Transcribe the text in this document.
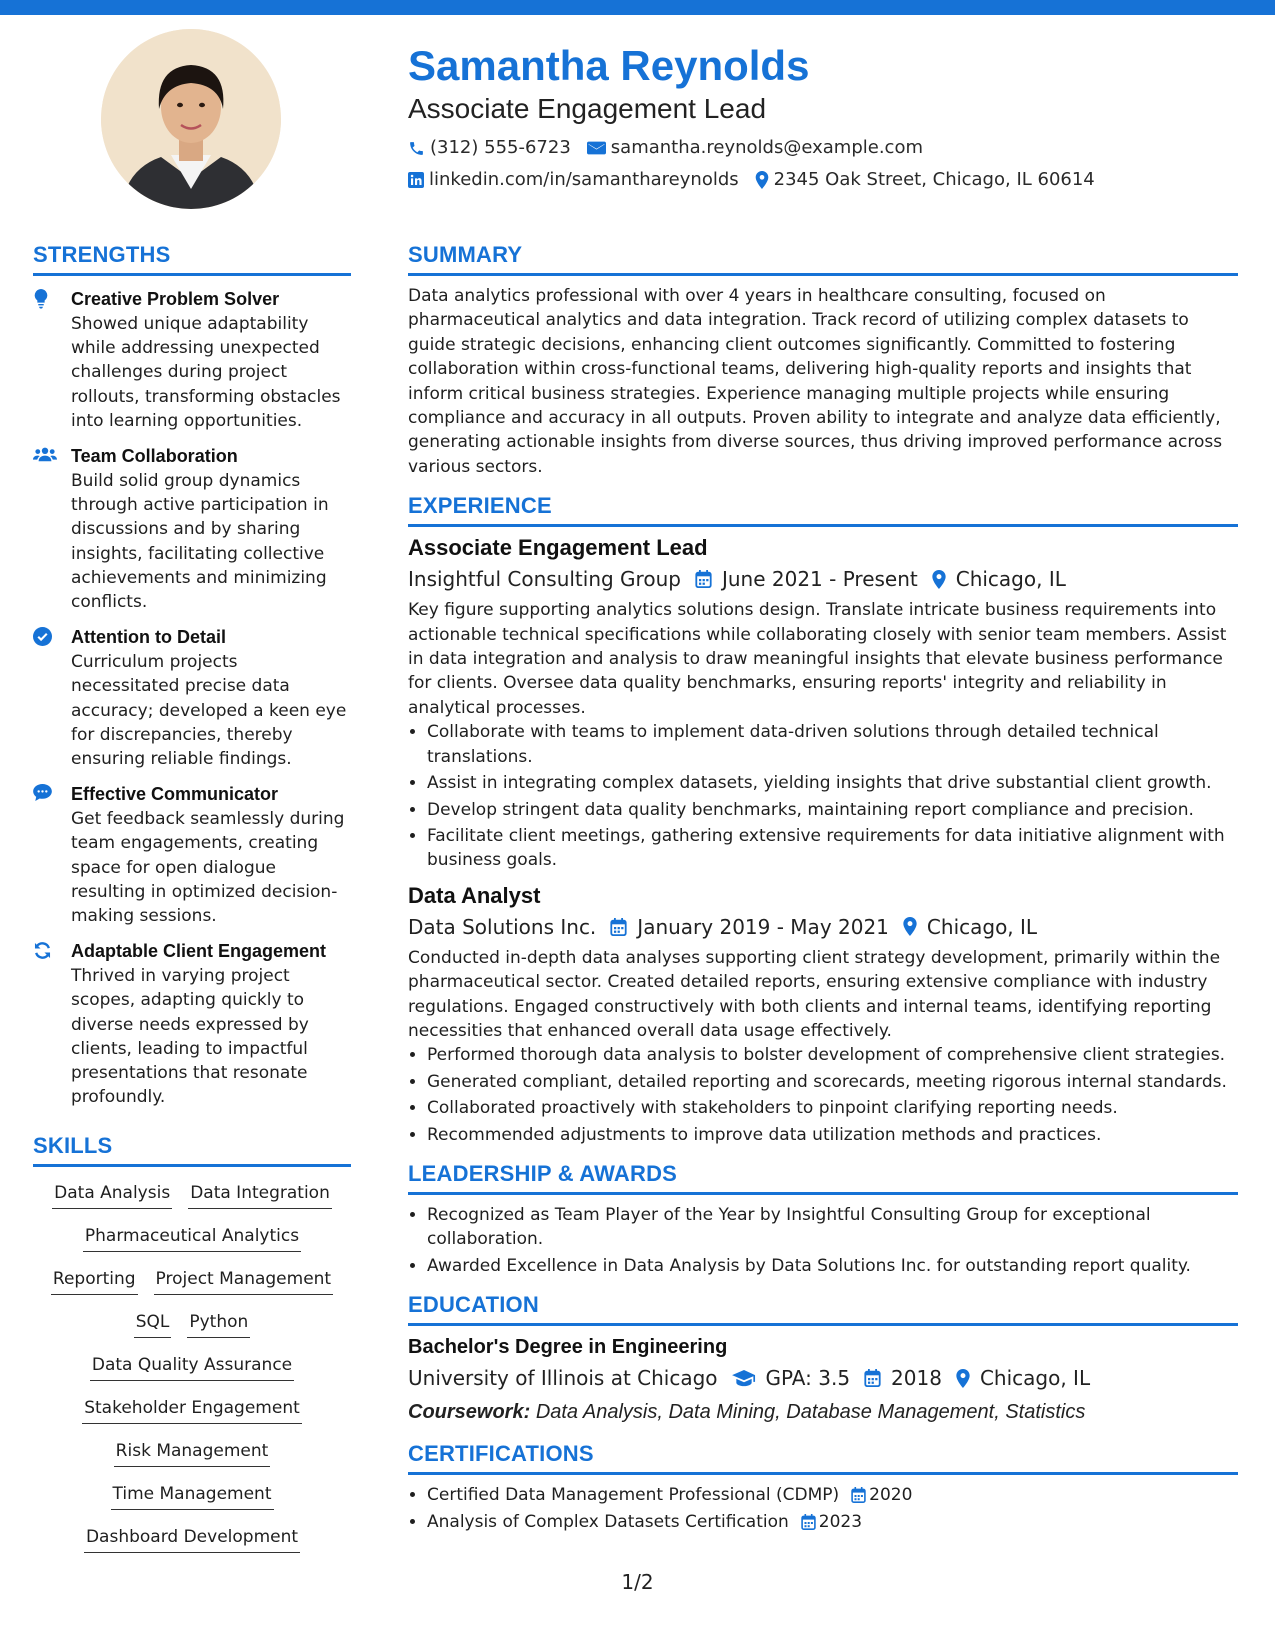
Samantha Reynolds
Associate Engagement Lead
(312) 555-6723 samantha.reynolds@example.com
linkedin.com/in/samanthareynolds 2345 Oak Street, Chicago, IL 60614
STRENGTHS
Creative Problem Solver
Showed unique adaptability while addressing unexpected challenges during project rollouts, transforming obstacles into learning opportunities.
Team Collaboration
Build solid group dynamics through active participation in discussions and by sharing insights, facilitating collective achievements and minimizing conflicts.
Attention to Detail
Curriculum projects necessitated precise data accuracy; developed a keen eye for discrepancies, thereby ensuring reliable findings.
Effective Communicator
Get feedback seamlessly during team engagements, creating space for open dialogue resulting in optimized decision-making sessions.
Adaptable Client Engagement
Thrived in varying project scopes, adapting quickly to diverse needs expressed by clients, leading to impactful presentations that resonate profoundly.
SKILLS
Data Analysis Data Integration
Pharmaceutical Analytics
Reporting Project Management
SQL Python
Data Quality Assurance
Stakeholder Engagement
Risk Management
Time Management
Dashboard Development
SUMMARY
Data analytics professional with over 4 years in healthcare consulting, focused on pharmaceutical analytics and data integration. Track record of utilizing complex datasets to guide strategic decisions, enhancing client outcomes significantly. Committed to fostering collaboration within cross-functional teams, delivering high-quality reports and insights that inform critical business strategies. Experience managing multiple projects while ensuring compliance and accuracy in all outputs. Proven ability to integrate and analyze data efficiently, generating actionable insights from diverse sources, thus driving improved performance across various sectors.
EXPERIENCE
Associate Engagement Lead
Insightful Consulting Group June 2021 - Present Chicago, IL
Key figure supporting analytics solutions design. Translate intricate business requirements into actionable technical specifications while collaborating closely with senior team members. Assist in data integration and analysis to draw meaningful insights that elevate business performance for clients. Oversee data quality benchmarks, ensuring reports' integrity and reliability in analytical processes.
• Collaborate with teams to implement data-driven solutions through detailed technical translations.
• Assist in integrating complex datasets, yielding insights that drive substantial client growth.
• Develop stringent data quality benchmarks, maintaining report compliance and precision.
• Facilitate client meetings, gathering extensive requirements for data initiative alignment with business goals.
Data Analyst
Data Solutions Inc. January 2019 - May 2021 Chicago, IL
Conducted in-depth data analyses supporting client strategy development, primarily within the pharmaceutical sector. Created detailed reports, ensuring extensive compliance with industry regulations. Engaged constructively with both clients and internal teams, identifying reporting necessities that enhanced overall data usage effectively.
• Performed thorough data analysis to bolster development of comprehensive client strategies.
• Generated compliant, detailed reporting and scorecards, meeting rigorous internal standards.
• Collaborated proactively with stakeholders to pinpoint clarifying reporting needs.
• Recommended adjustments to improve data utilization methods and practices.
LEADERSHIP & AWARDS
• Recognized as Team Player of the Year by Insightful Consulting Group for exceptional collaboration.
• Awarded Excellence in Data Analysis by Data Solutions Inc. for outstanding report quality.
EDUCATION
Bachelor's Degree in Engineering
University of Illinois at Chicago GPA: 3.5 2018 Chicago, IL
Coursework: Data Analysis, Data Mining, Database Management, Statistics
CERTIFICATIONS
• Certified Data Management Professional (CDMP) 2020
• Analysis of Complex Datasets Certification 2023
1/2
